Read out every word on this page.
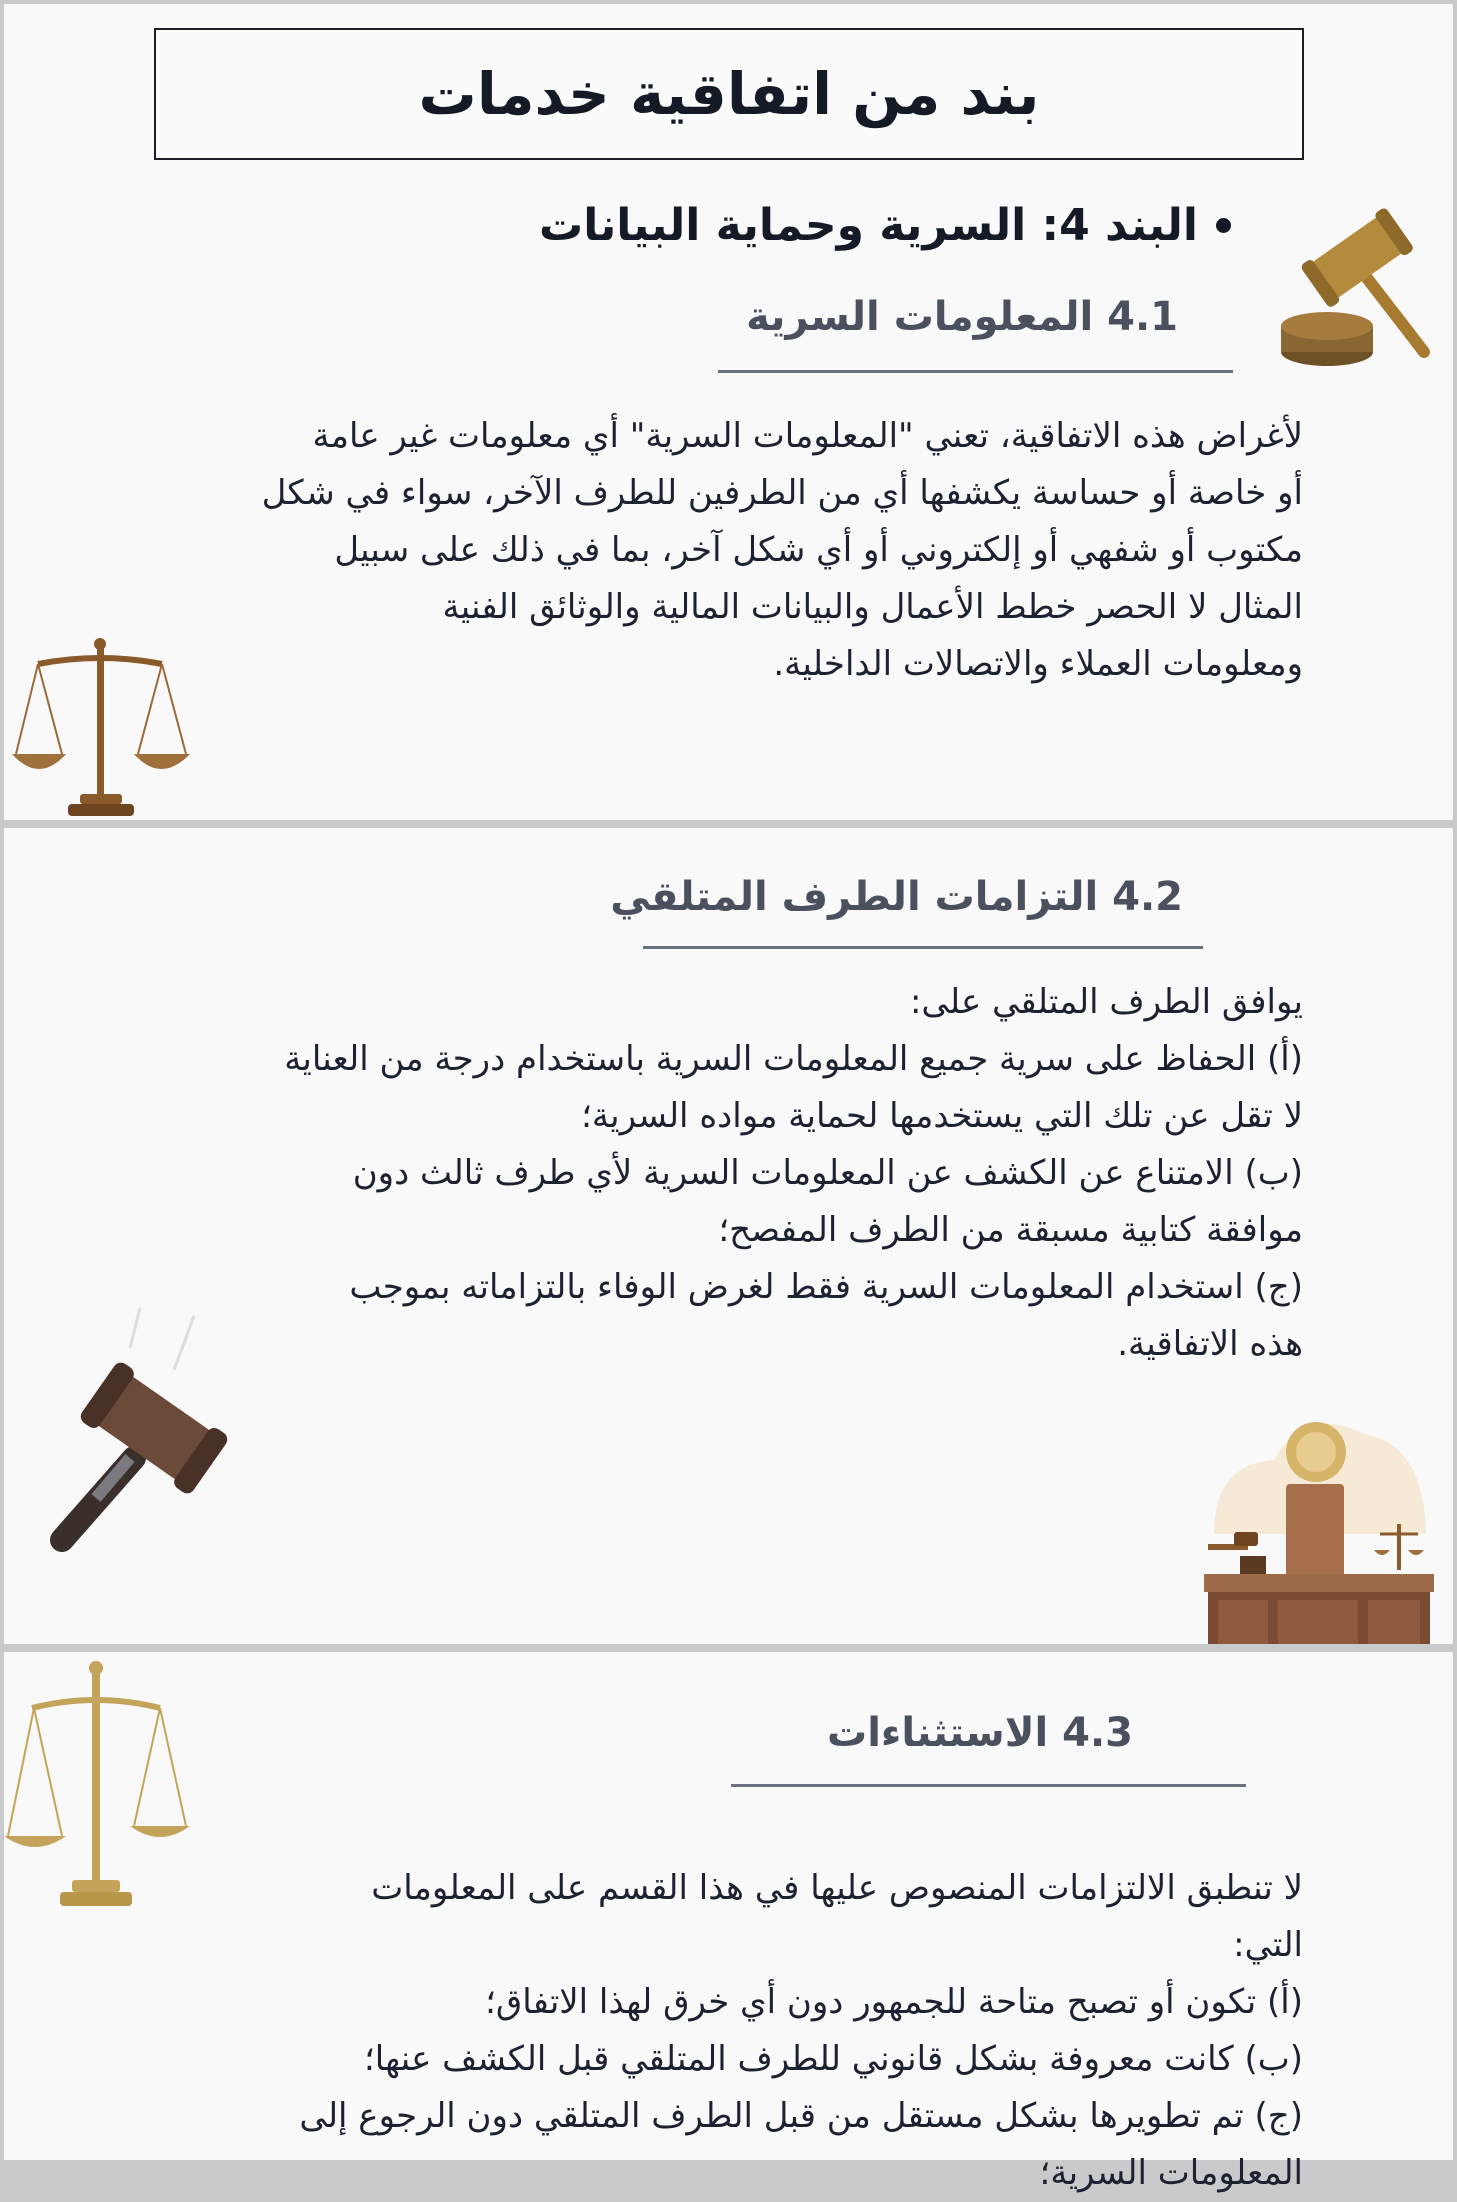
بند من اتفاقية خدمات
البند 4: السرية وحماية البيانات
4.1 المعلومات السرية
لأغراض هذه الاتفاقية، تعني "المعلومات السرية" أي معلومات غير عامة
أو خاصة أو حساسة يكشفها أي من الطرفين للطرف الآخر، سواء في شكل
مكتوب أو شفهي أو إلكتروني أو أي شكل آخر، بما في ذلك على سبيل
المثال لا الحصر خطط الأعمال والبيانات المالية والوثائق الفنية
ومعلومات العملاء والاتصالات الداخلية.
4.2 التزامات الطرف المتلقي
يوافق الطرف المتلقي على:
(أ) الحفاظ على سرية جميع المعلومات السرية باستخدام درجة من العناية
لا تقل عن تلك التي يستخدمها لحماية مواده السرية؛
(ب) الامتناع عن الكشف عن المعلومات السرية لأي طرف ثالث دون
موافقة كتابية مسبقة من الطرف المفصح؛
(ج) استخدام المعلومات السرية فقط لغرض الوفاء بالتزاماته بموجب
هذه الاتفاقية.
4.3 الاستثناءات
لا تنطبق الالتزامات المنصوص عليها في هذا القسم على المعلومات
التي:
(أ) تكون أو تصبح متاحة للجمهور دون أي خرق لهذا الاتفاق؛
(ب) كانت معروفة بشكل قانوني للطرف المتلقي قبل الكشف عنها؛
(ج) تم تطويرها بشكل مستقل من قبل الطرف المتلقي دون الرجوع إلى
المعلومات السرية؛
